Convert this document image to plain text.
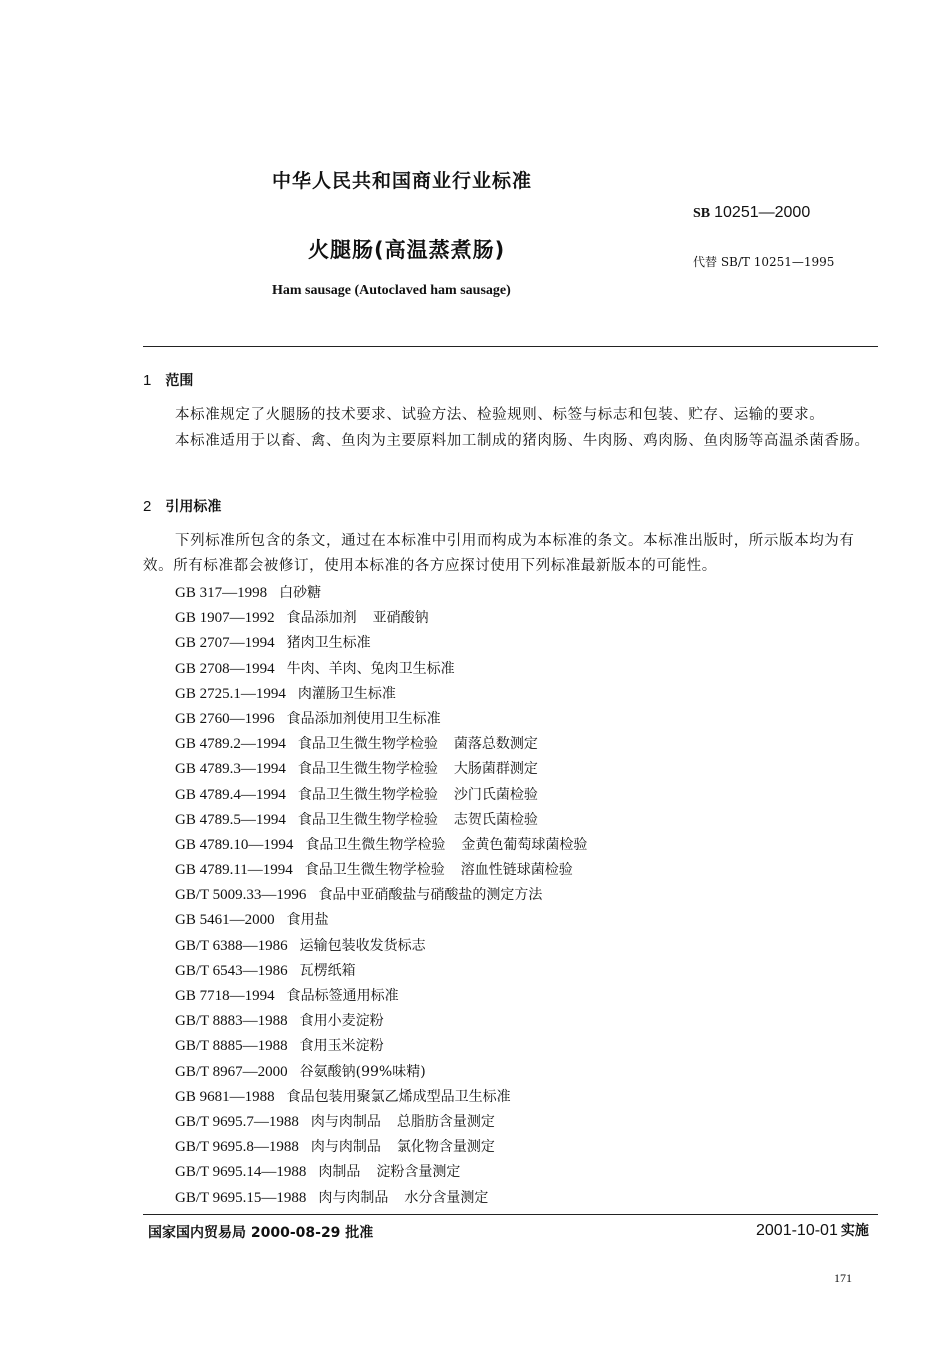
中华人民共和国商业行业标准
SB 10251—2000
火腿肠(高温蒸煮肠)	代替 SB/T 10251—1995
Ham sausage (Autoclaved ham sausage)
1 范围
本标准规定了火腿肠的技术要求、试验方法、检验规则、标签与标志和包装、贮存、运输的要求。
本标准适用于以畜、禽、鱼肉为主要原料加工制成的猪肉肠、牛肉肠、鸡肉肠、鱼肉肠等高温杀菌香肠。
2 引用标准
下列标准所包含的条文，通过在本标准中引用而构成为本标准的条文。本标准出版时，所示版本均为有效。所有标准都会被修订，使用本标准的各方应探讨使用下列标准最新版本的可能性。
GB 317—1998 白砂糖
GB 1907—1992 食品添加剂 亚硝酸钠
GB 2707—1994 猪肉卫生标准
GB 2708—1994 牛肉、羊肉、兔肉卫生标准
GB 2725.1—1994 肉灌肠卫生标准
GB 2760—1996 食品添加剂使用卫生标准
GB 4789.2—1994 食品卫生微生物学检验 菌落总数测定
GB 4789.3—1994 食品卫生微生物学检验 大肠菌群测定
GB 4789.4—1994 食品卫生微生物学检验 沙门氏菌检验
GB 4789.5—1994 食品卫生微生物学检验 志贺氏菌检验
GB 4789.10—1994 食品卫生微生物学检验 金黄色葡萄球菌检验
GB 4789.11—1994 食品卫生微生物学检验 溶血性链球菌检验
GB/T 5009.33—1996 食品中亚硝酸盐与硝酸盐的测定方法
GB 5461—2000 食用盐
GB/T 6388—1986 运输包装收发货标志
GB/T 6543—1986 瓦楞纸箱
GB 7718—1994 食品标签通用标准
GB/T 8883—1988 食用小麦淀粉
GB/T 8885—1988 食用玉米淀粉
GB/T 8967—2000 谷氨酸钠(99%味精)
GB 9681—1988 食品包装用聚氯乙烯成型品卫生标准
GB/T 9695.7—1988 肉与肉制品 总脂肪含量测定
GB/T 9695.8—1988 肉与肉制品 氯化物含量测定
GB/T 9695.14—1988 肉制品 淀粉含量测定
GB/T 9695.15—1988 肉与肉制品 水分含量测定
国家国内贸易局 2000-08-29 批准	2001-10-01 实施
171
